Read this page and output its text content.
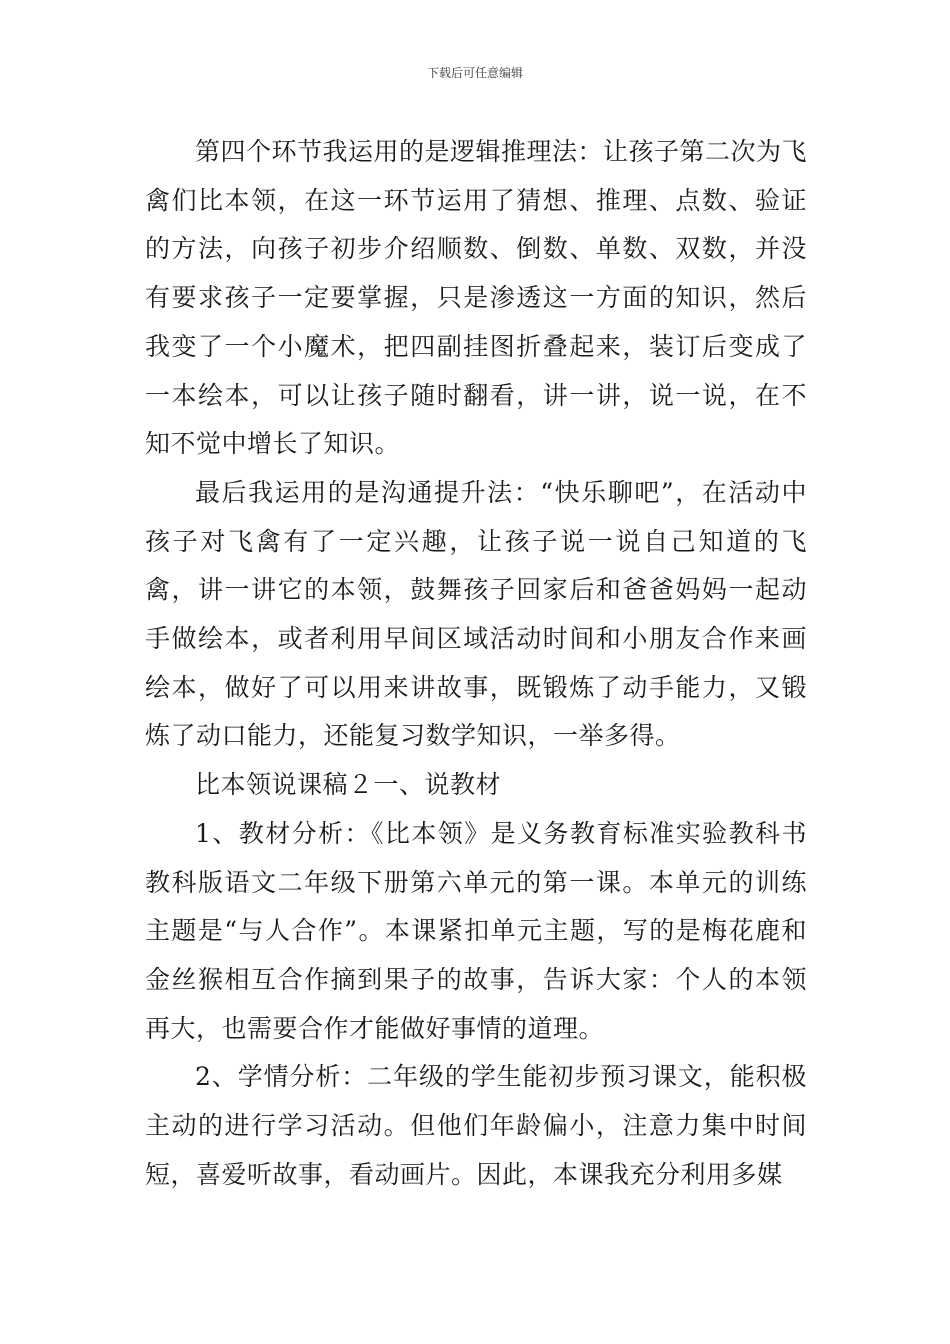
下载后可任意编辑

第四个环节我运用的是逻辑推理法：让孩子第二次为飞禽们比本领，在这一环节运用了猜想、推理、点数、验证的方法，向孩子初步介绍顺数、倒数、单数、双数，并没有要求孩子一定要掌握，只是渗透这一方面的知识，然后我变了一个小魔术，把四副挂图折叠起来，装订后变成了一本绘本，可以让孩子随时翻看，讲一讲，说一说，在不知不觉中增长了知识。

最后我运用的是沟通提升法：“快乐聊吧”，在活动中孩子对飞禽有了一定兴趣，让孩子说一说自己知道的飞禽，讲一讲它的本领，鼓舞孩子回家后和爸爸妈妈一起动手做绘本，或者利用早间区域活动时间和小朋友合作来画绘本，做好了可以用来讲故事，既锻炼了动手能力，又锻炼了动口能力，还能复习数学知识，一举多得。

比本领说课稿２一、说教材

1、教材分析：《比本领》是义务教育标准实验教科书教科版语文二年级下册第六单元的第一课。本单元的训练主题是“与人合作”。本课紧扣单元主题，写的是梅花鹿和金丝猴相互合作摘到果子的故事，告诉大家：个人的本领再大，也需要合作才能做好事情的道理。

2、学情分析：二年级的学生能初步预习课文，能积极主动的进行学习活动。但他们年龄偏小，注意力集中时间短，喜爱听故事，看动画片。因此，本课我充分利用多媒
